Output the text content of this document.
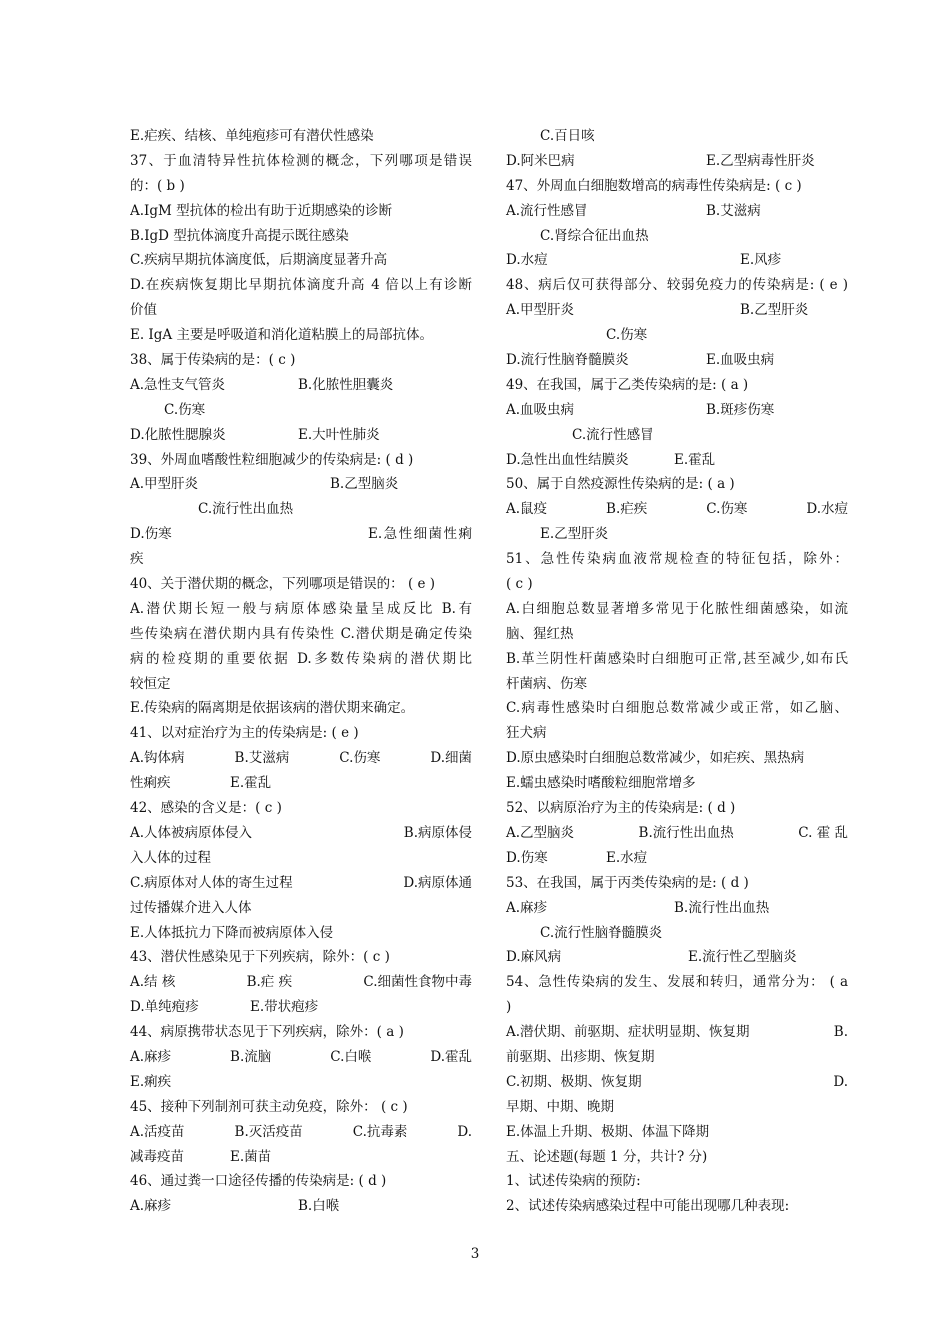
E.疟疾、结核、单纯疱疹可有潜伏性感染
37、于血清特异性抗体检测的概念，下列哪项是错误
的：( b )
A.IgM 型抗体的检出有助于近期感染的诊断
B.IgD 型抗体滴度升高提示既往感染
C.疾病早期抗体滴度低，后期滴度显著升高
D.在疾病恢复期比早期抗体滴度升高 4 倍以上有诊断
价值
E. IgA 主要是呼吸道和消化道粘膜上的局部抗体。
38、属于传染病的是：( c )
A.急性支气管炎	B.化脓性胆囊炎
C.伤寒
D.化脓性腮腺炎	E.大叶性肺炎
39、外周血嗜酸性粒细胞减少的传染病是: ( d )
A.甲型肝炎	B.乙型脑炎
C.流行性出血热
D.伤寒	E.急性细菌性痢
疾
40、关于潜伏期的概念，下列哪项是错误的： ( e )
A.潜伏期长短一般与病原体感染量呈成反比 B.有
些传染病在潜伏期内具有传染性 C.潜伏期是确定传染
病的检疫期的重要依据 D.多数传染病的潜伏期比
较恒定
E.传染病的隔离期是依据该病的潜伏期来确定。
41、以对症治疗为主的传染病是: ( e )
A.钩体病	B.艾滋病	C.伤寒	D.细菌
性痢疾	E.霍乱
42、感染的含义是：( c )
A.人体被病原体侵入	B.病原体侵
入人体的过程
C.病原体对人体的寄生过程	D.病原体通
过传播媒介进入人体
E.人体抵抗力下降而被病原体入侵
43、潜伏性感染见于下列疾病，除外：( c )
A.结 核	B.疟 疾	C.细菌性食物中毒
D.单纯疱疹	E.带状疱疹
44、病原携带状态见于下列疾病，除外：( a )
A.麻疹	B.流脑	C.白喉	D.霍乱
E.痢疾
45、接种下列制剂可获主动免疫，除外： ( c )
A.活疫苗	B.灭活疫苗	C.抗毒素	D.
减毒疫苗	E.菌苗
46、通过粪一口途径传播的传染病是: ( d )
A.麻疹	B.白喉
C.百日咳
D.阿米巴病	E.乙型病毒性肝炎
47、外周血白细胞数增高的病毒性传染病是: ( c )
A.流行性感冒	B.艾滋病
C.肾综合征出血热
D.水痘	E.风疹
48、病后仅可获得部分、较弱免疫力的传染病是: ( e )
A.甲型肝炎	B.乙型肝炎
C.伤寒
D.流行性脑脊髓膜炎	E.血吸虫病
49、在我国，属于乙类传染病的是: ( a )
A.血吸虫病	B.斑疹伤寒
C.流行性感冒
D.急性出血性结膜炎	E.霍乱
50、属于自然疫源性传染病的是: ( a )
A.鼠疫	B.疟疾	C.伤寒	D.水痘
E.乙型肝炎
51、急性传染病血液常规检查的特征包括，除外：
( c )
A.白细胞总数显著增多常见于化脓性细菌感染，如流
脑、猩红热
B.革兰阴性杆菌感染时白细胞可正常,甚至减少,如布氏
杆菌病、伤寒
C.病毒性感染时白细胞总数常减少或正常，如乙脑、
狂犬病
D.原虫感染时白细胞总数常减少，如疟疾、黑热病
E.蠕虫感染时嗜酸粒细胞常增多
52、以病原治疗为主的传染病是: ( d )
A.乙型脑炎	B.流行性出血热	C. 霍 乱
D.伤寒	E.水痘
53、在我国，属于丙类传染病的是: ( d )
A.麻疹	B.流行性出血热
C.流行性脑脊髓膜炎
D.麻风病	E.流行性乙型脑炎
54、急性传染病的发生、发展和转归，通常分为： ( a
)
A.潜伏期、前驱期、症状明显期、恢复期	B.
前驱期、出疹期、恢复期
C.初期、极期、恢复期	D.
早期、中期、晚期
E.体温上升期、极期、体温下降期
五、论述题(每题 1 分，共计? 分)
1、试述传染病的预防:
2、试述传染病感染过程中可能出现哪几种表现:
3
